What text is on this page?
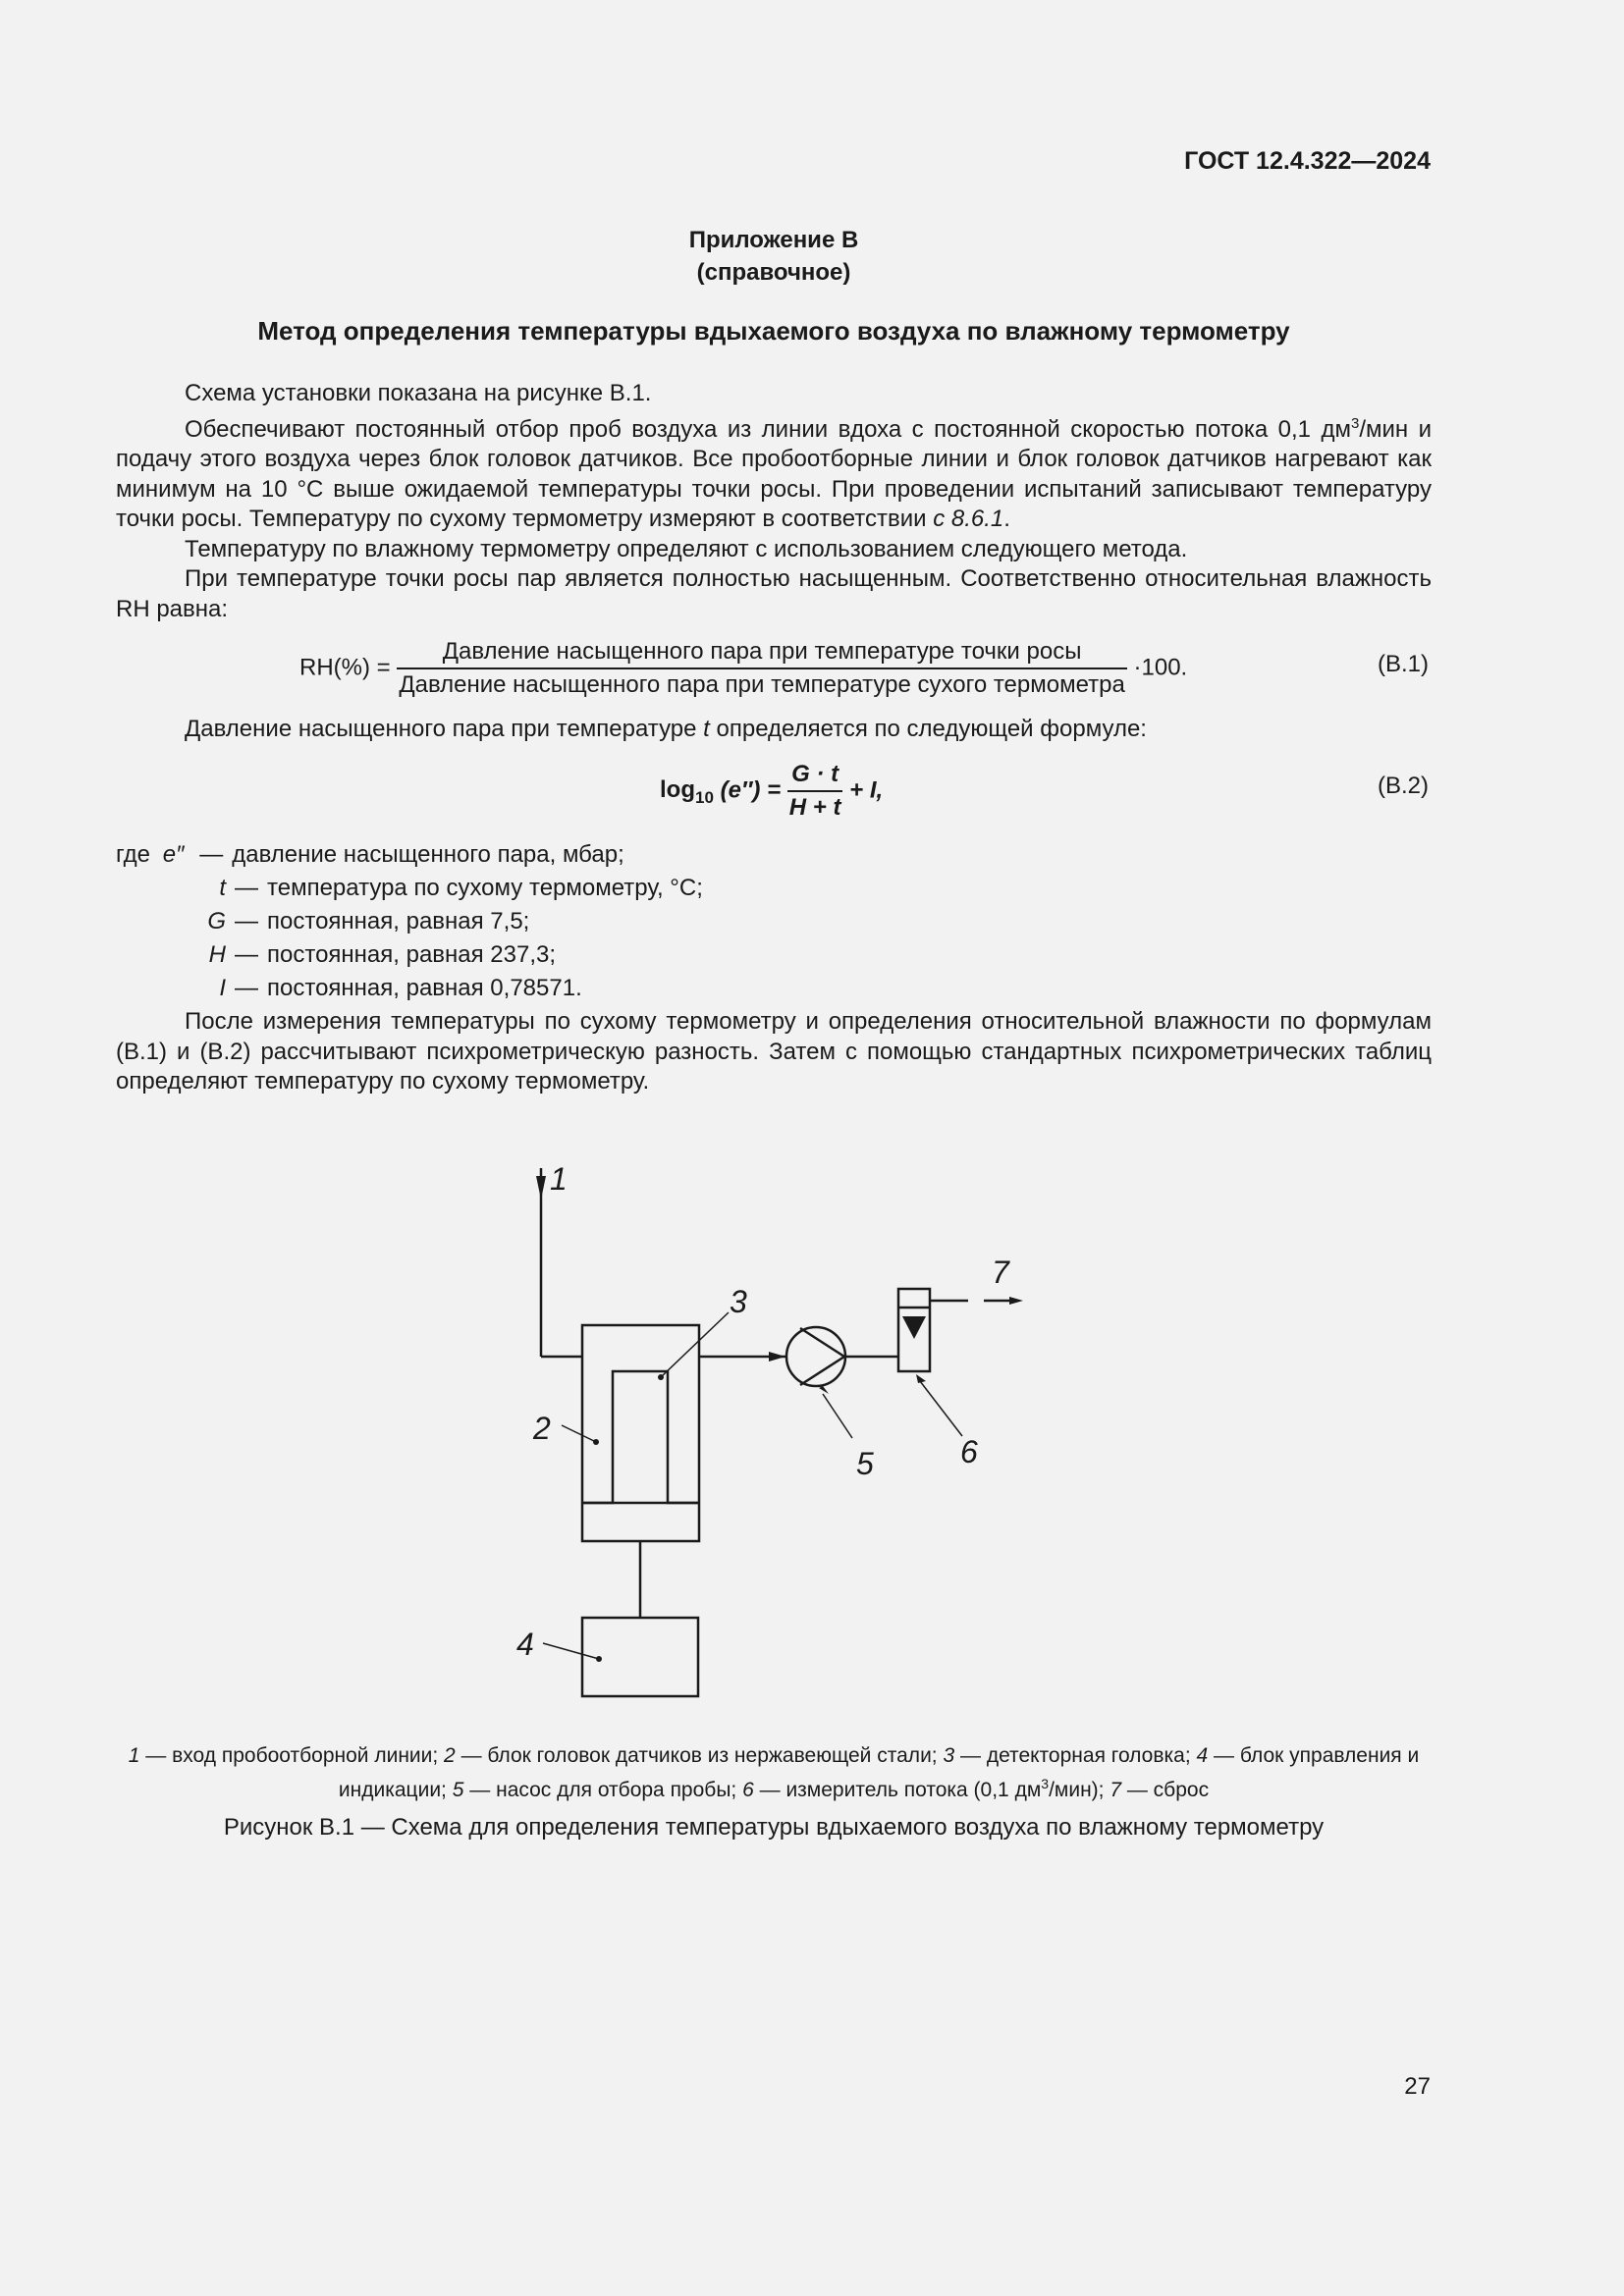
ГОСТ 12.4.322—2024
Приложение В
(справочное)
Метод определения температуры вдыхаемого воздуха по влажному термометру

Схема установки показана на рисунке В.1.

Обеспечивают постоянный отбор проб воздуха из линии вдоха с постоянной скоростью потока 0,1 $дм^3$/мин и подачу этого воздуха через блок головок датчиков. Все пробоотборные линии и блок головок датчиков нагревают как минимум на 10 °С выше ожидаемой температуры точки росы. При проведении испытаний записывают температуру точки росы. Температуру по сухому термометру измеряют в соответствии с 8.6.1.

Температуру по влажному термометру определяют с использованием следующего метода.

При температуре точки росы пар является полностью насыщенным. Соответственно относительная влажность RH равна:

$RH(\%) = \frac{\text{Давление насыщенного пара при температуре точки росы}}{\text{Давление насыщенного пара при температуре сухого термометра}} \cdot 100$.	(В.1)

Давление насыщенного пара при температуре t определяется по следующей формуле:

$\log_{10} (e'') = \frac{G \cdot t}{H + t} + I$,	(В.2)
где e″ — давление насыщенного пара, мбар;
t — температура по сухому термометру, °С;
G — постоянная, равная 7,5;
H — постоянная, равная 237,3;
I — постоянная, равная 0,78571.

После измерения температуры по сухому термометру и определения относительной влажности по формулам (В.1) и (В.2) рассчитывают психрометрическую разность. Затем с помощью стандартных психрометрических таблиц определяют температуру по сухому термометру.

1
2
3
4
5	6
7
1 — вход пробоотборной линии; 2 — блок головок датчиков из нержавеющей стали; 3 — детекторная головка; 4 — блок управления и индикации; 5 — насос для отбора пробы; 6 — измеритель потока (0,1 $дм^3/мин$); 7 — сброс
Рисунок В.1 — Схема для определения температуры вдыхаемого воздуха по влажному термометру
27
